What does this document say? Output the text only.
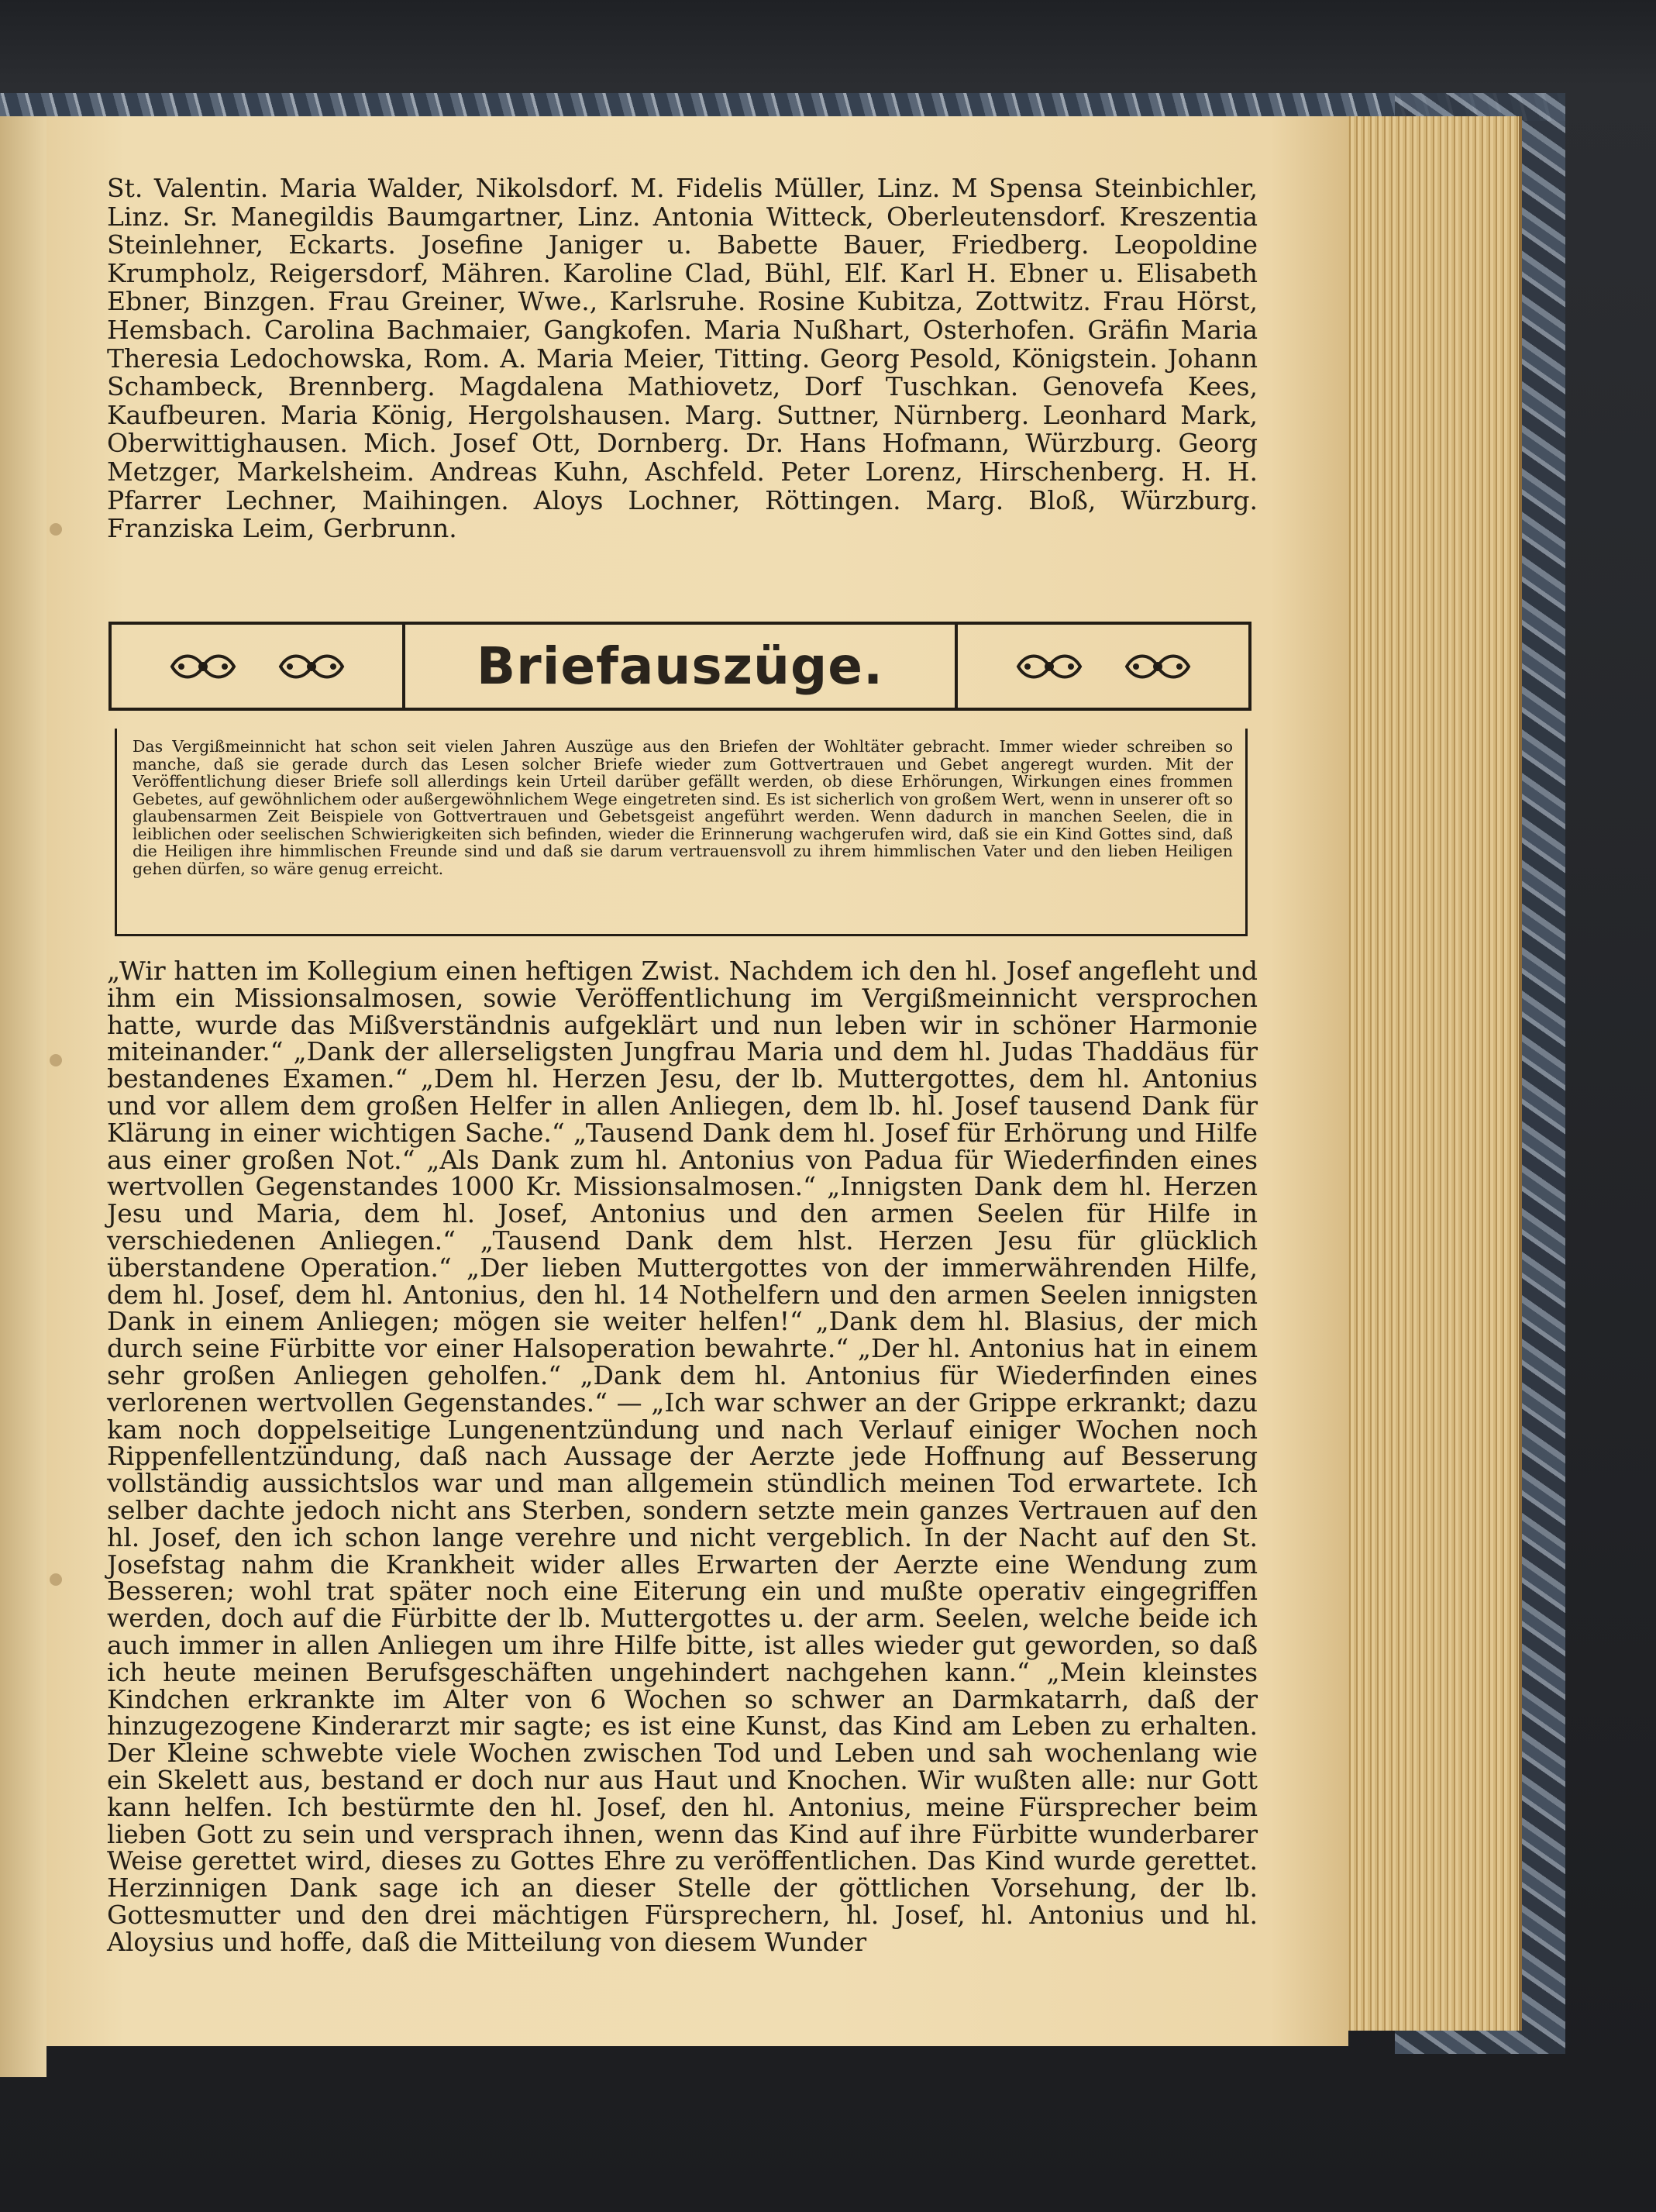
St. Valentin. Maria Walder, Nikolsdorf. M. Fidelis Müller, Linz. M Spensa Steinbichler, Linz. Sr. Manegildis Baumgartner, Linz. Antonia Witteck, Oberleutensdorf. Kreszentia Steinlehner, Eckarts. Josefine Janiger u. Babette Bauer, Friedberg. Leopoldine Krumpholz, Reigersdorf, Mähren. Karoline Clad, Bühl, Elf. Karl H. Ebner u. Elisabeth Ebner, Binzgen. Frau Greiner, Wwe., Karlsruhe. Rosine Kubitza, Zottwitz. Frau Hörst, Hemsbach. Carolina Bachmaier, Gangkofen. Maria Nußhart, Osterhofen. Gräfin Maria Theresia Ledochowska, Rom. A. Maria Meier, Titting. Georg Pesold, Königstein. Johann Schambeck, Brennberg. Magdalena Mathiovetz, Dorf Tuschkan. Genovefa Kees, Kaufbeuren. Maria König, Hergolshausen. Marg. Suttner, Nürnberg. Leonhard Mark, Oberwittighausen. Mich. Josef Ott, Dornberg. Dr. Hans Hofmann, Würzburg. Georg Metzger, Markelsheim. Andreas Kuhn, Aschfeld. Peter Lorenz, Hirschenberg. H. H. Pfarrer Lechner, Maihingen. Aloys Lochner, Röttingen. Marg. Bloß, Würzburg. Franziska Leim, Gerbrunn.
Briefauszüge.
Das Vergißmeinnicht hat schon seit vielen Jahren Auszüge aus den Briefen der Wohltäter gebracht. Immer wieder schreiben so manche, daß sie gerade durch das Lesen solcher Briefe wieder zum Gottvertrauen und Gebet angeregt wurden. Mit der Veröffentlichung dieser Briefe soll allerdings kein Urteil darüber gefällt werden, ob diese Erhörungen, Wirkungen eines frommen Gebetes, auf gewöhnlichem oder außergewöhnlichem Wege eingetreten sind. Es ist sicherlich von großem Wert, wenn in unserer oft so glaubensarmen Zeit Beispiele von Gottvertrauen und Gebetsgeist angeführt werden. Wenn dadurch in manchen Seelen, die in leiblichen oder seelischen Schwierigkeiten sich befinden, wieder die Erinnerung wachgerufen wird, daß sie ein Kind Gottes sind, daß die Heiligen ihre himmlischen Freunde sind und daß sie darum vertrauensvoll zu ihrem himmlischen Vater und den lieben Heiligen gehen dürfen, so wäre genug erreicht.
„Wir hatten im Kollegium einen heftigen Zwist. Nachdem ich den hl. Josef angefleht und ihm ein Missionsalmosen, sowie Veröffentlichung im Vergißmeinnicht versprochen hatte, wurde das Mißverständnis aufgeklärt und nun leben wir in schöner Harmonie miteinander.“ „Dank der allerseligsten Jungfrau Maria und dem hl. Judas Thaddäus für bestandenes Examen.“ „Dem hl. Herzen Jesu, der lb. Muttergottes, dem hl. Antonius und vor allem dem großen Helfer in allen Anliegen, dem lb. hl. Josef tausend Dank für Klärung in einer wichtigen Sache.“ „Tausend Dank dem hl. Josef für Erhörung und Hilfe aus einer großen Not.“ „Als Dank zum hl. Antonius von Padua für Wiederfinden eines wertvollen Gegenstandes 1000 Kr. Missionsalmosen.“ „Innigsten Dank dem hl. Herzen Jesu und Maria, dem hl. Josef, Antonius und den armen Seelen für Hilfe in verschiedenen Anliegen.“ „Tausend Dank dem hlst. Herzen Jesu für glücklich überstandene Operation.“ „Der lieben Muttergottes von der immerwährenden Hilfe, dem hl. Josef, dem hl. Antonius, den hl. 14 Nothelfern und den armen Seelen innigsten Dank in einem Anliegen; mögen sie weiter helfen!“ „Dank dem hl. Blasius, der mich durch seine Fürbitte vor einer Halsoperation bewahrte.“ „Der hl. Antonius hat in einem sehr großen Anliegen geholfen.“ „Dank dem hl. Antonius für Wiederfinden eines verlorenen wertvollen Gegenstandes.“ — „Ich war schwer an der Grippe erkrankt; dazu kam noch doppelseitige Lungenentzündung und nach Verlauf einiger Wochen noch Rippenfellentzündung, daß nach Aussage der Aerzte jede Hoffnung auf Besserung vollständig aussichtslos war und man allgemein stündlich meinen Tod erwartete. Ich selber dachte jedoch nicht ans Sterben, sondern setzte mein ganzes Vertrauen auf den hl. Josef, den ich schon lange verehre und nicht vergeblich. In der Nacht auf den St. Josefstag nahm die Krankheit wider alles Erwarten der Aerzte eine Wendung zum Besseren; wohl trat später noch eine Eiterung ein und mußte operativ eingegriffen werden, doch auf die Fürbitte der lb. Muttergottes u. der arm. Seelen, welche beide ich auch immer in allen Anliegen um ihre Hilfe bitte, ist alles wieder gut geworden, so daß ich heute meinen Berufsgeschäften ungehindert nachgehen kann.“ „Mein kleinstes Kindchen erkrankte im Alter von 6 Wochen so schwer an Darmkatarrh, daß der hinzugezogene Kinderarzt mir sagte; es ist eine Kunst, das Kind am Leben zu erhalten. Der Kleine schwebte viele Wochen zwischen Tod und Leben und sah wochenlang wie ein Skelett aus, bestand er doch nur aus Haut und Knochen. Wir wußten alle: nur Gott kann helfen. Ich bestürmte den hl. Josef, den hl. Antonius, meine Fürsprecher beim lieben Gott zu sein und versprach ihnen, wenn das Kind auf ihre Fürbitte wunderbarer Weise gerettet wird, dieses zu Gottes Ehre zu veröffentlichen. Das Kind wurde gerettet. Herzinnigen Dank sage ich an dieser Stelle der göttlichen Vorsehung, der lb. Gottesmutter und den drei mächtigen Fürsprechern, hl. Josef, hl. Antonius und hl. Aloysius und hoffe, daß die Mitteilung von diesem Wunder
